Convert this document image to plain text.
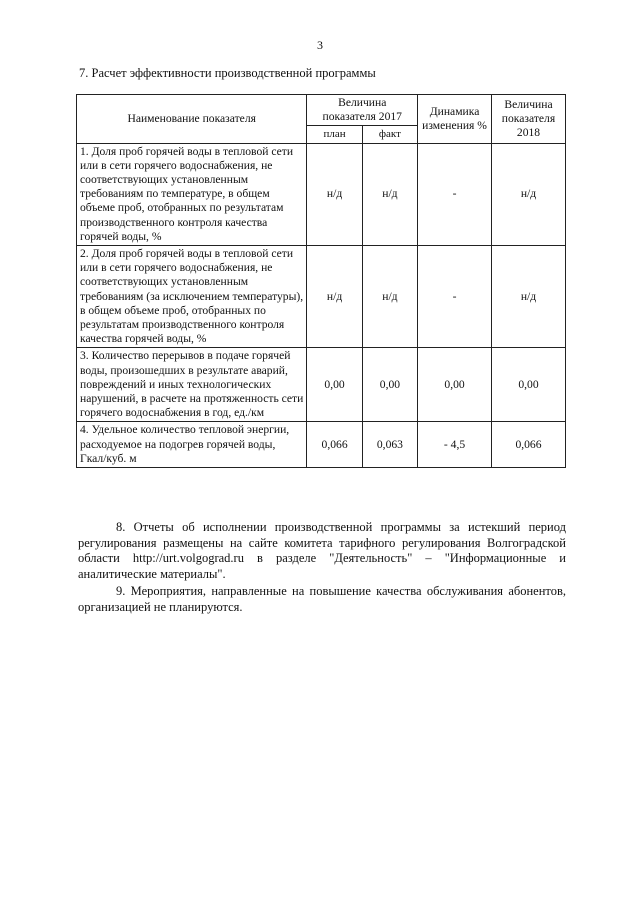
3
7. Расчет эффективности производственной программы
Наименование показателя	Величина показателя 2017		Динамика изменения %	Величина показателя 2018
	план	факт		
1. Доля проб горячей воды в тепловой сети или в сети горячего водоснабжения, не соответствующих установленным требованиям по температуре, в общем объеме проб, отобранных по результатам производственного контроля качества горячей воды, %	н/д	н/д	-	н/д
2. Доля проб горячей воды в тепловой сети или в сети горячего водоснабжения, не соответствующих установленным требованиям (за исключением температуры), в общем объеме проб, отобранных по результатам производственного контроля качества горячей воды, %	н/д	н/д	-	н/д
3. Количество перерывов в подаче горячей воды, произошедших в результате аварий, повреждений и иных технологических нарушений, в расчете на протяженность сети горячего водоснабжения в год, ед./км	0,00	0,00	0,00	0,00
4. Удельное количество тепловой энергии, расходуемое на подогрев горячей воды, Гкал/куб. м	0,066	0,063	- 4,5	0,066

8. Отчеты об исполнении производственной программы за истекший период регулирования размещены на сайте комитета тарифного регулирования Волгоградской области http://urt.volgograd.ru в разделе "Деятельность" – "Информационные и аналитические материалы".

9. Мероприятия, направленные на повышение качества обслуживания абонентов, организацией не планируются.
